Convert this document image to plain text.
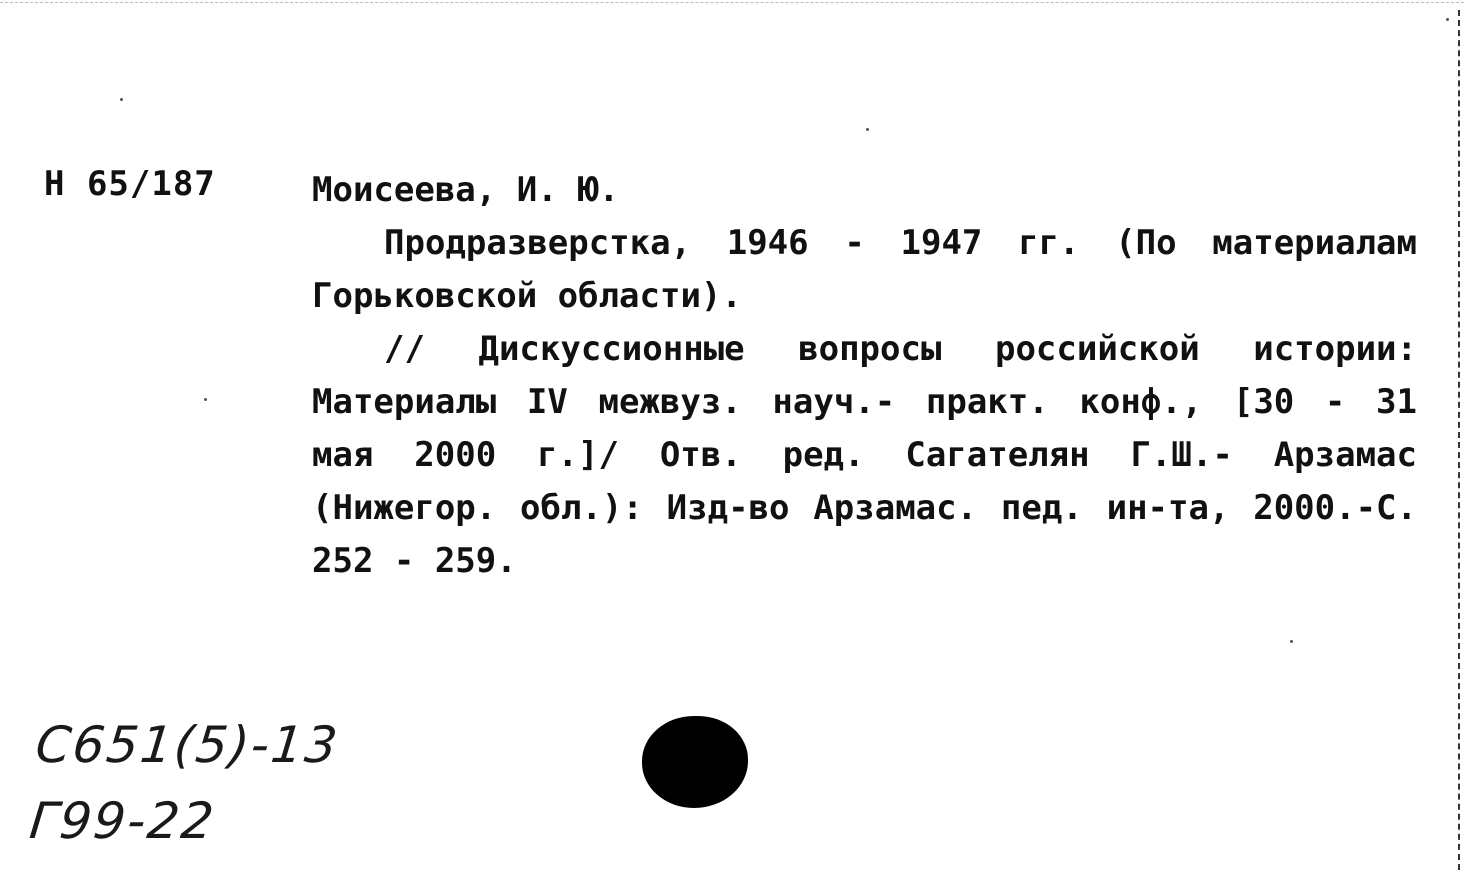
Н 65/187	Моисеева, И. Ю.
Продразверстка, 1946 - 1947 гг. (По материалам Горьковской области).
// Дискуссионные вопросы российской истории: Материалы IV межвуз. науч.- практ. конф., [30 - 31 мая 2000 г.]/ Отв. ред. Сагателян Г.Ш.- Арзамас (Нижегор. обл.): Изд-во Арзамас. пед. ин-та, 2000.-С. 252 - 259.
С651(5)-13
Г99-22
